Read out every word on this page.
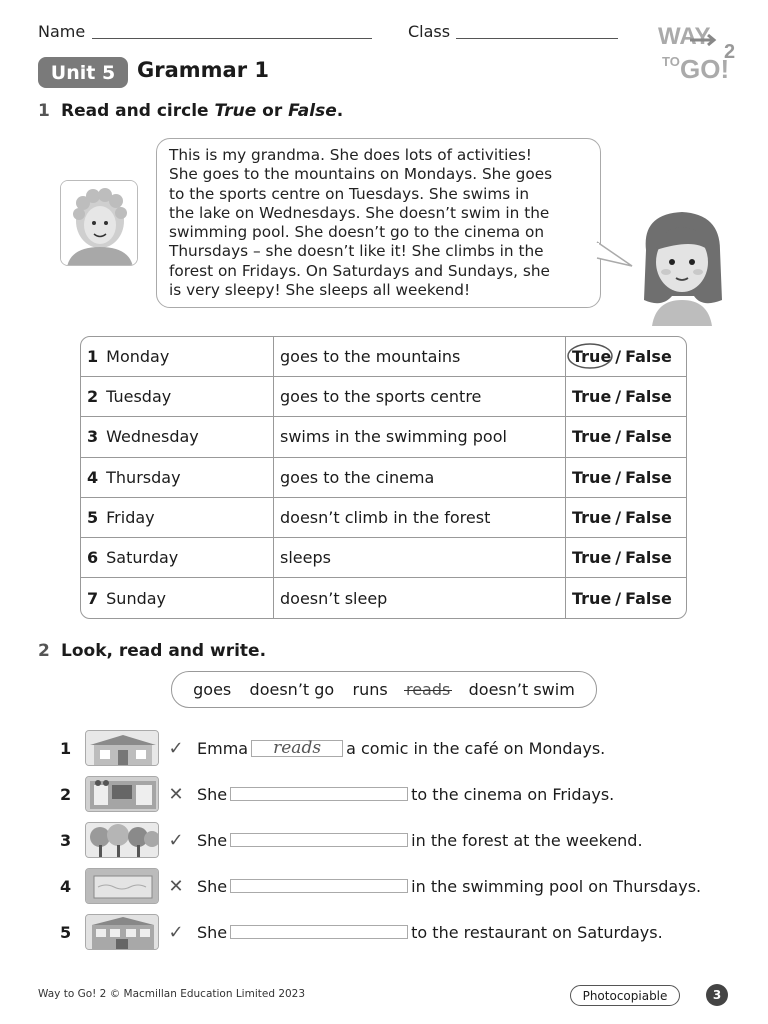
Name	Class	WAY
TO GO!
2
Unit 5	Grammar 1
1 Read and circle True or False.
This is my grandma. She does lots of activities!
She goes to the mountains on Mondays. She goes
to the sports centre on Tuesdays. She swims in
the lake on Wednesdays. She doesn’t swim in the
swimming pool. She doesn’t go to the cinema on
Thursdays – she doesn’t like it! She climbs in the
forest on Fridays. On Saturdays and Sundays, she
is very sleepy! She sleeps all weekend!
1 Monday	goes to the mountains	True / False
2 Tuesday	goes to the sports centre	True / False
3 Wednesday	swims in the swimming pool	True / False
4 Thursday	goes to the cinema	True / False
5 Friday	doesn’t climb in the forest	True / False
6 Saturday	sleeps	True / False
7 Sunday	doesn’t sleep	True / False
2 Look, read and write.
goes doesn’t go runs reads doesn’t swim
1	✓ Emma	reads	a comic in the café on Mondays.
2	✕ She	to the cinema on Fridays.
3	✓ She	in the forest at the weekend.
4	✕ She	in the swimming pool on Thursdays.
5	✓ She	to the restaurant on Saturdays.
Way to Go! 2 © Macmillan Education Limited 2023	Photocopiable	3
